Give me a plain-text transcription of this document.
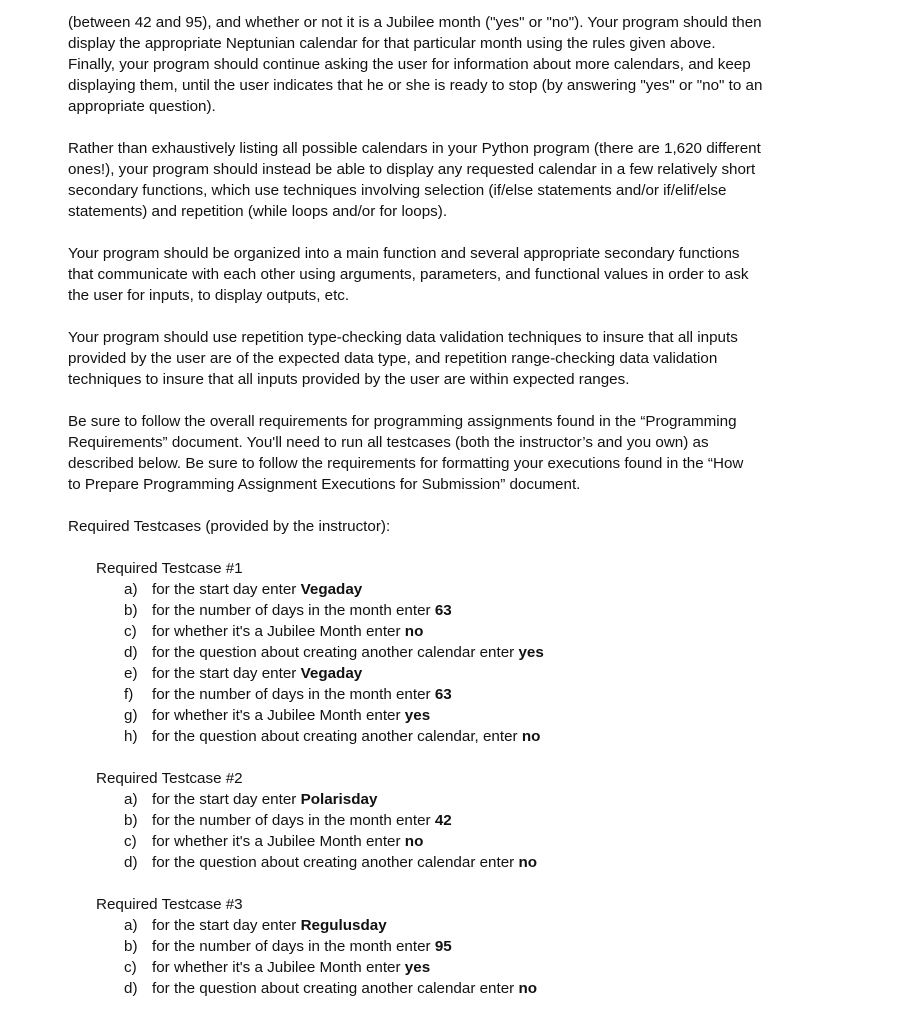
(between 42 and 95), and whether or not it is a Jubilee month ("yes" or "no"). Your program should then
display the appropriate Neptunian calendar for that particular month using the rules given above.
Finally, your program should continue asking the user for information about more calendars, and keep
displaying them, until the user indicates that he or she is ready to stop (by answering "yes" or "no" to an
appropriate question).
Rather than exhaustively listing all possible calendars in your Python program (there are 1,620 different
ones!), your program should instead be able to display any requested calendar in a few relatively short
secondary functions, which use techniques involving selection (if/else statements and/or if/elif/else
statements) and repetition (while loops and/or for loops).
Your program should be organized into a main function and several appropriate secondary functions
that communicate with each other using arguments, parameters, and functional values in order to ask
the user for inputs, to display outputs, etc.
Your program should use repetition type-checking data validation techniques to insure that all inputs
provided by the user are of the expected data type, and repetition range-checking data validation
techniques to insure that all inputs provided by the user are within expected ranges.
Be sure to follow the overall requirements for programming assignments found in the “Programming
Requirements” document. You'll need to run all testcases (both the instructor’s and you own) as
described below. Be sure to follow the requirements for formatting your executions found in the “How
to Prepare Programming Assignment Executions for Submission” document.
Required Testcases (provided by the instructor):
Required Testcase #1
a) for the start day enter Vegaday
b) for the number of days in the month enter 63
c) for whether it's a Jubilee Month enter no
d) for the question about creating another calendar enter yes
e) for the start day enter Vegaday
f) for the number of days in the month enter 63
g) for whether it's a Jubilee Month enter yes
h) for the question about creating another calendar, enter no
Required Testcase #2
a) for the start day enter Polarisday
b) for the number of days in the month enter 42
c) for whether it's a Jubilee Month enter no
d) for the question about creating another calendar enter no
Required Testcase #3
a) for the start day enter Regulusday
b) for the number of days in the month enter 95
c) for whether it's a Jubilee Month enter yes
d) for the question about creating another calendar enter no
